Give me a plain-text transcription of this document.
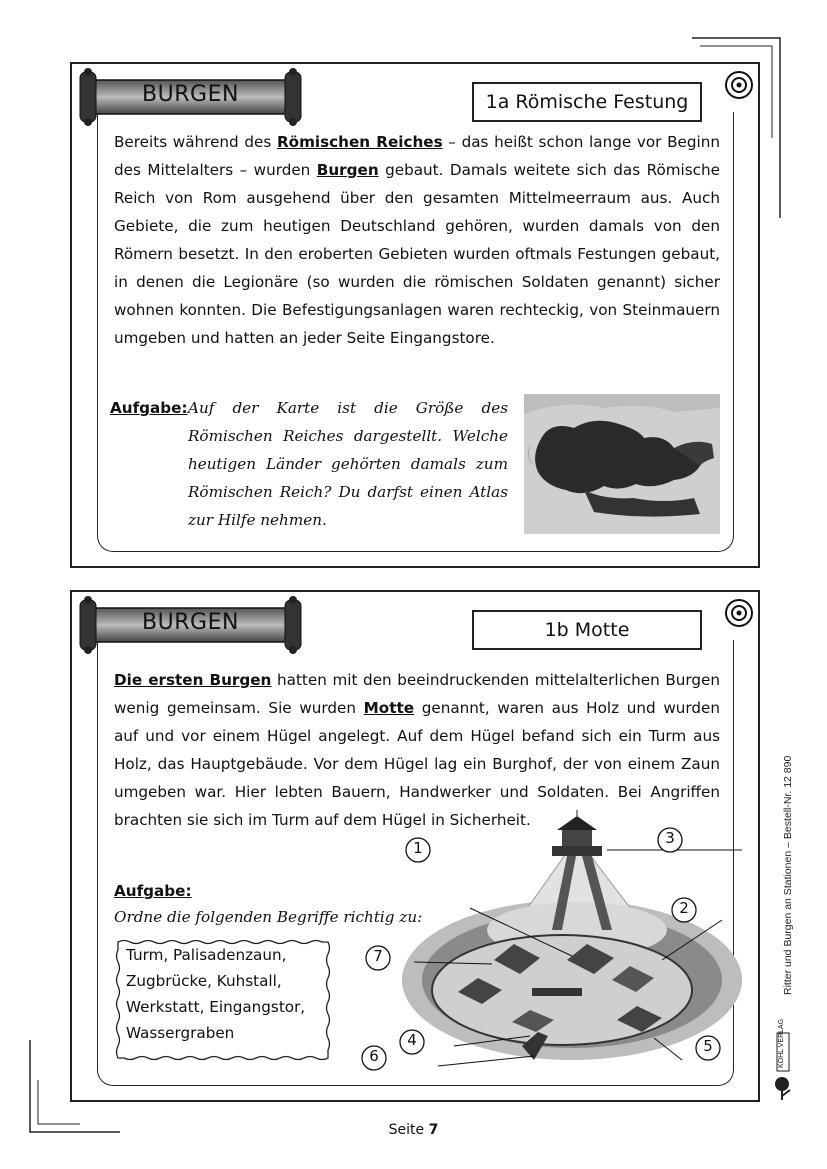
BURGEN	1a Römische Festung
Bereits während des Römischen Reiches – das heißt schon lange vor Beginn des Mittelalters – wurden Burgen gebaut. Damals weitete sich das Römische Reich von Rom ausgehend über den gesamten Mittelmeerraum aus. Auch Gebiete, die zum heutigen Deutschland gehören, wurden damals von den Römern besetzt. In den eroberten Gebieten wurden oftmals Festungen gebaut, in denen die Legionäre (so wurden die römischen Soldaten genannt) sicher wohnen konnten. Die Befestigungsanlagen waren rechteckig, von Steinmauern umgeben und hatten an jeder Seite Eingangstore.
Aufgabe: Auf der Karte ist die Größe des Römischen Reiches dargestellt. Welche heutigen Länder gehörten damals zum Römischen Reich? Du darfst einen Atlas zur Hilfe nehmen.
BURGEN	1b Motte
Die ersten Burgen hatten mit den beeindruckenden mittelalterlichen Burgen wenig gemeinsam. Sie wurden Motte genannt, waren aus Holz und wurden auf und vor einem Hügel angelegt. Auf dem Hügel befand sich ein Turm aus Holz, das Hauptgebäude. Vor dem Hügel lag ein Burghof, der von einem Zaun umgeben war. Hier lebten Bauern, Handwerker und Soldaten. Bei Angriffen brachten sie sich im Turm auf dem Hügel in Sicherheit.
Aufgabe:
Ordne die folgenden Begriffe richtig zu:
Turm, Palisadenzaun,
Zugbrücke, Kuhstall,
Werkstatt, Eingangstor,
Wassergraben
1
2
3
4	5
6
7	Ritter und Burgen an Stationen – Bestell-Nr. 12 890
KOHL VERLAG
Seite 7
